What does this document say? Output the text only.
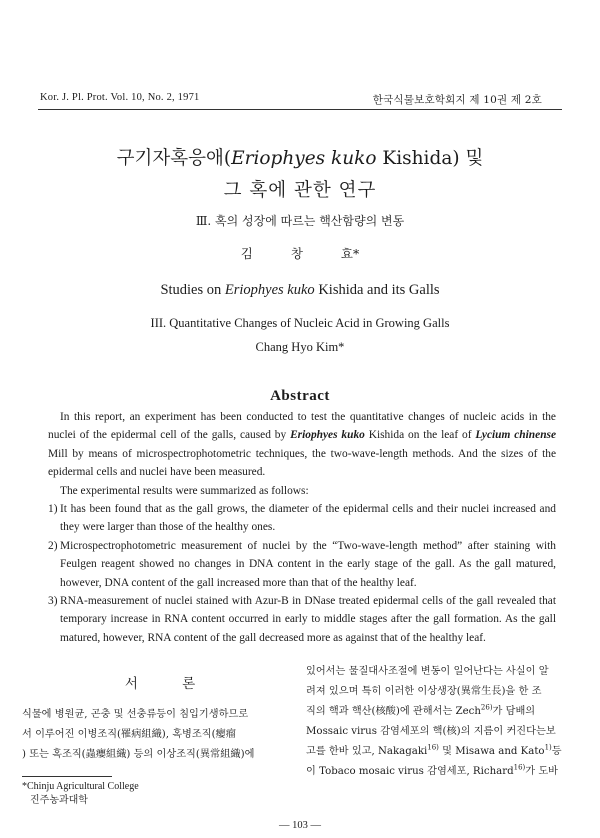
Kor. J. Pl. Prot. Vol. 10, No. 2, 1971	한국식물보호학회지 제 10권 제 2호
구기자혹응애(Eriophyes kuko Kishida) 및
그 혹에 관한 연구
Ⅲ. 혹의 성장에 따르는 핵산함량의 변동
김 창 효*
Studies on Eriophyes kuko Kishida and its Galls
III. Quantitative Changes of Nucleic Acid in Growing Galls
Chang Hyo Kim*
Abstract

In this report, an experiment has been conducted to test the quantitative changes of nucleic acids in the nuclei of the epidermal cell of the galls, caused by Eriophyes kuko Kishida on the leaf of Lycium chinense Mill by means of microspectrophotometric techniques, the two-wave-length methods. And the sizes of the epidermal cells and nuclei have been measured.

The experimental results were summarized as follows:

1) It has been found that as the gall grows, the diameter of the epidermal cells and their nuclei increased and they were larger than those of the healthy ones.

2) Microspectrophotometric measurement of nuclei by the “Two-wave-length method” after staining with Feulgen reagent showed no changes in DNA content in the early stage of the gall. As the gall matured, however, DNA content of the gall increased more than that of the healthy leaf.

3) RNA-measurement of nuclei stained with Azur-B in DNase treated epidermal cells of the gall revealed that temporary increase in RNA content occurred in early to middle stages after the gall formation. As the gall matured, however, RNA content of the gall decreased more as against that of the healthy leaf.

서 론
식물에 병원균, 곤충 및 선충류등이 침입기생하므로
서 이루어진 이병조직(罹病組織), 혹병조직(瘿瘤
) 또는 혹조직(蟲癭組織) 등의 이상조직(異常組織)에
있어서는 물질대사조절에 변동이 일어난다는 사실이 알
려져 있으며 특히 이러한 이상생장(異常生長)을 한 조
직의 핵과 핵산(核酸)에 관해서는 Zech$^{26)}$가 담배의
Mossaic virus 감염세포의 핵(核)의 지름이 커진다는보
고를 한바 있고, Nakagaki$^{16)}$ 및 Misawa and Kato$^{1)}$등
이 Tobaco mosaic virus 감염세포, Richard$^{16)}$가 도바
*Chinju Agricultural College
진주농과대학
— 103 —
